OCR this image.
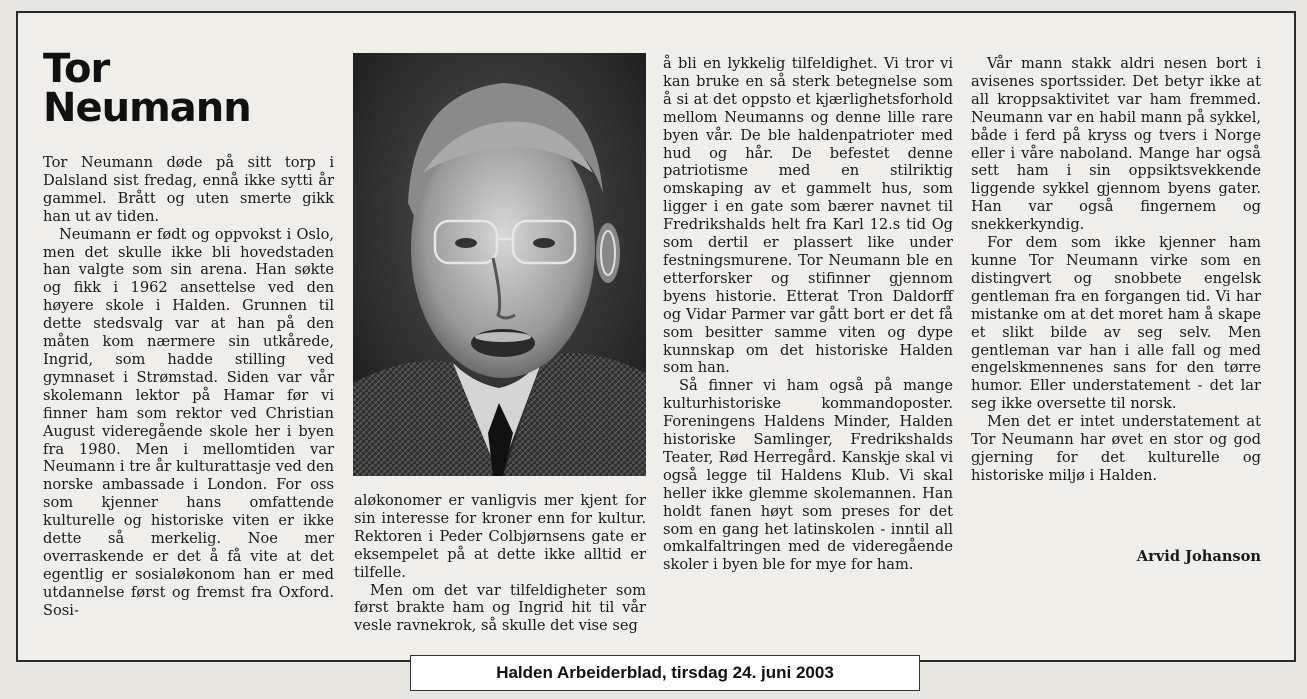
Tor
Neumann

Tor Neumann døde på sitt torp i Dalsland sist fredag, ennå ikke sytti år gammel. Brått og uten smerte gikk han ut av tiden.

Neumann er født og oppvokst i Oslo, men det skulle ikke bli hovedstaden han valgte som sin arena. Han søkte og fikk i 1962 ansettelse ved den høyere skole i Halden. Grunnen til dette stedsvalg var at han på den måten kom nærmere sin utkårede, Ingrid, som hadde stilling ved gymnaset i Strømstad. Siden var vår skolemann lektor på Hamar før vi finner ham som rektor ved Christian August videregående skole her i byen fra 1980. Men i mellomtiden var Neumann i tre år kulturattasje ved den norske ambassade i London. For oss som kjenner hans omfattende kulturelle og historiske viten er ikke dette så merkelig. Noe mer overraskende er det å få vite at det egentlig er sosialøkonom han er med utdannelse først og fremst fra Oxford. Sosi-

aløkonomer er vanligvis mer kjent for sin interesse for kroner enn for kultur. Rektoren i Peder Colbjørnsens gate er eksempelet på at dette ikke alltid er tilfelle.

Men om det var tilfeldigheter som først brakte ham og Ingrid hit til vår vesle ravnekrok, så skulle det vise seg

å bli en lykkelig tilfeldighet. Vi tror vi kan bruke en så sterk betegnelse som å si at det oppsto et kjærlighetsforhold mellom Neumanns og denne lille rare byen vår. De ble haldenpatrioter med hud og hår. De befestet denne patriotisme med en stilriktig omskaping av et gammelt hus, som ligger i en gate som bærer navnet til Fredrikshalds helt fra Karl 12.s tid Og som dertil er plassert like under festningsmurene. Tor Neumann ble en etterforsker og stifinner gjennom byens historie. Etterat Tron Daldorff og Vidar Parmer var gått bort er det få som besitter samme viten og dype kunnskap om det historiske Halden som han.

Så finner vi ham også på mange kulturhistoriske kommandoposter. Foreningens Haldens Minder, Halden historiske Samlinger, Fredrikshalds Teater, Rød Herregård. Kanskje skal vi også legge til Haldens Klub. Vi skal heller ikke glemme skolemannen. Han holdt fanen høyt som preses for det som en gang het latinskolen - inntil all omkalfaltringen med de videregående skoler i byen ble for mye for ham.

Vår mann stakk aldri nesen bort i avisenes sportssider. Det betyr ikke at all kroppsaktivitet var ham fremmed. Neumann var en habil mann på sykkel, både i ferd på kryss og tvers i Norge eller i våre naboland. Mange har også sett ham i sin oppsiktsvekkende liggende sykkel gjennom byens gater. Han var også fingernem og snekkerkyndig.

For dem som ikke kjenner ham kunne Tor Neumann virke som en distingvert og snobbete engelsk gentleman fra en forgangen tid. Vi har mistanke om at det moret ham å skape et slikt bilde av seg selv. Men gentleman var han i alle fall og med engelskmennenes sans for den tørre humor. Eller understatement - det lar seg ikke oversette til norsk.

Men det er intet understatement at Tor Neumann har øvet en stor og god gjerning for det kulturelle og historiske miljø i Halden.

Arvid Johanson
Halden Arbeiderblad, tirsdag 24. juni 2003
